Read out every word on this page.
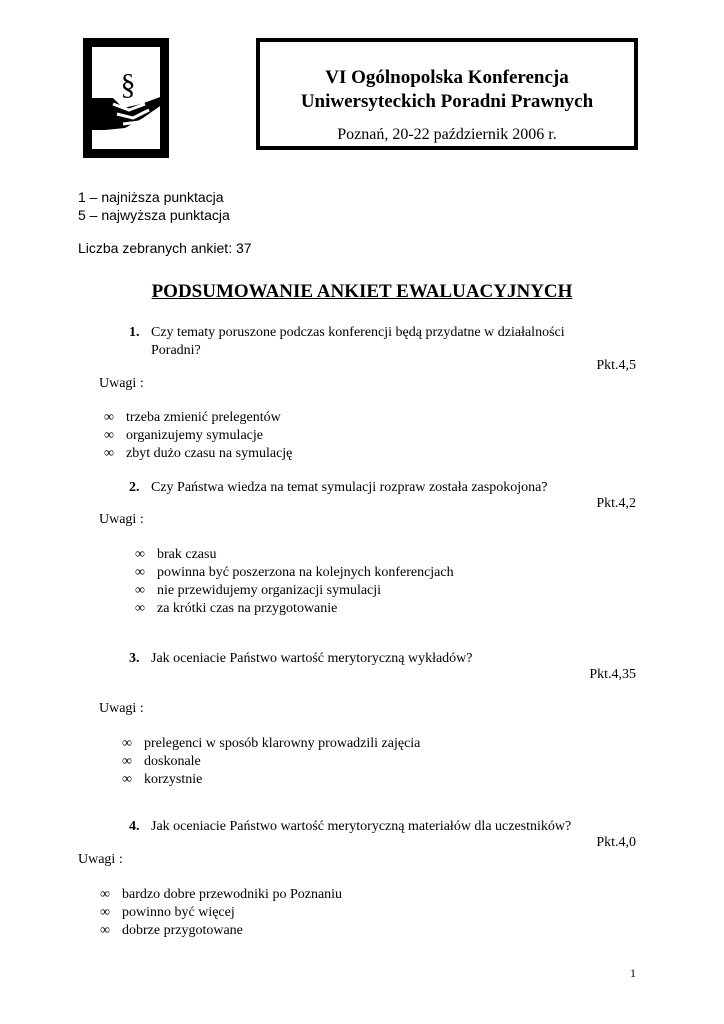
§	VI Ogólnopolska Konferencja
Uniwersyteckich Poradni Prawnych
Poznań, 20-22 październik 2006 r.
1 – najniższa punktacja
5 – najwyższa punktacja
Liczba zebranych ankiet: 37
PODSUMOWANIE ANKIET EWALUACYJNYCH
1. Czy tematy poruszone podczas konferencji będą przydatne w działalności
Poradni?
Pkt.4,5
Uwagi :
∞ trzeba zmienić prelegentów
∞ organizujemy symulacje
∞ zbyt dużo czasu na symulację
2. Czy Państwa wiedza na temat symulacji rozpraw została zaspokojona?
Pkt.4,2
Uwagi :
∞ brak czasu
∞ powinna być poszerzona na kolejnych konferencjach
∞ nie przewidujemy organizacji symulacji
∞ za krótki czas na przygotowanie
3. Jak oceniacie Państwo wartość merytoryczną wykładów?
Pkt.4,35
Uwagi :
∞ prelegenci w sposób klarowny prowadzili zajęcia
∞ doskonale
∞ korzystnie
4. Jak oceniacie Państwo wartość merytoryczną materiałów dla uczestników?
Pkt.4,0
Uwagi :
∞ bardzo dobre przewodniki po Poznaniu
∞ powinno być więcej
∞ dobrze przygotowane
1
